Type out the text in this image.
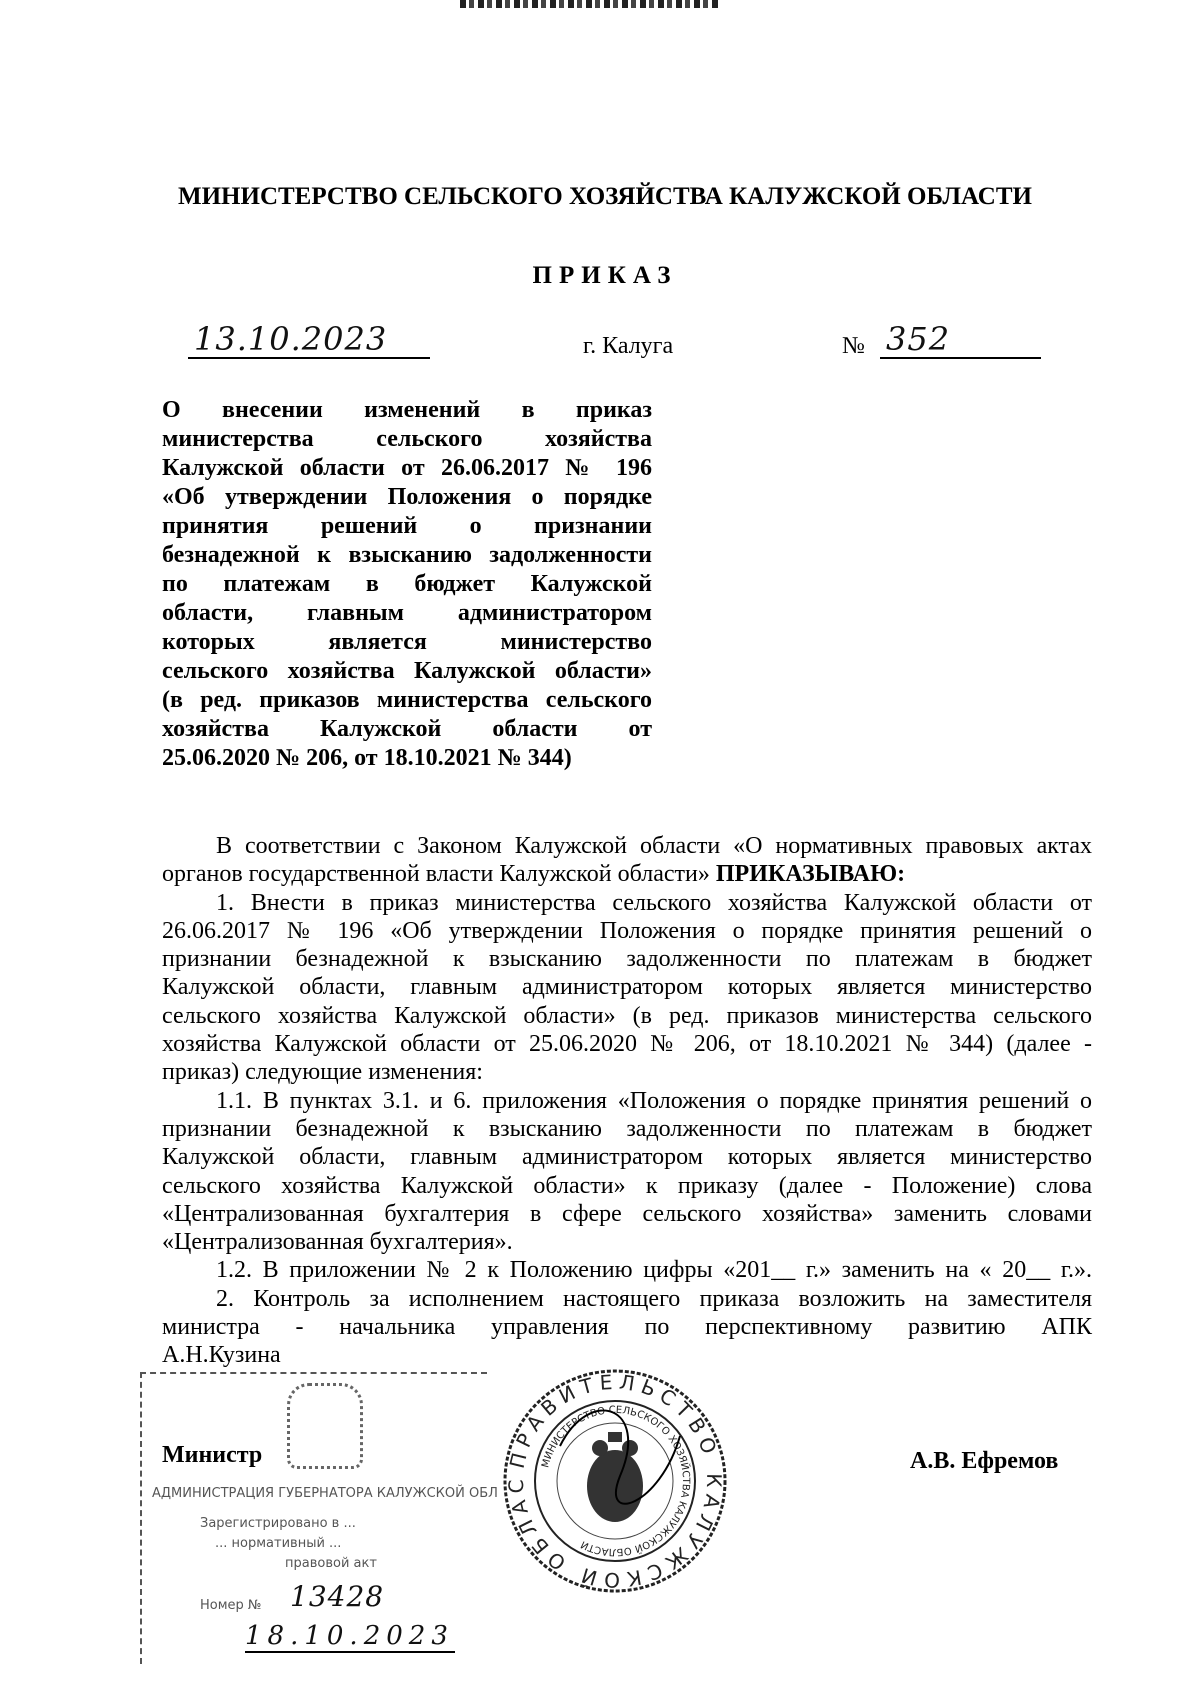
МИНИСТЕРСТВО СЕЛЬСКОГО ХОЗЯЙСТВА КАЛУЖСКОЙ ОБЛАСТИ
ПРИКАЗ
13.10.2023	г. Калуга	№ 352
О внесении изменений в приказ
министерства сельского хозяйства
Калужской области от 26.06.2017 № 196
«Об утверждении Положения о порядке
принятия решений о признании
безнадежной к взысканию задолженности
по платежам в бюджет Калужской
области, главным администратором
которых является министерство
сельского хозяйства Калужской области»
(в ред. приказов министерства сельского
хозяйства Калужской области от
25.06.2020 № 206, от 18.10.2021 № 344)
В соответствии с Законом Калужской области «О нормативных правовых актах
органов государственной власти Калужской области» ПРИКАЗЫВАЮ:
1. Внести в приказ министерства сельского хозяйства Калужской области от
26.06.2017 № 196 «Об утверждении Положения о порядке принятия решений о
признании безнадежной к взысканию задолженности по платежам в бюджет
Калужской области, главным администратором которых является министерство
сельского хозяйства Калужской области» (в ред. приказов министерства сельского
хозяйства Калужской области от 25.06.2020 № 206, от 18.10.2021 № 344) (далее -
приказ) следующие изменения:
1.1. В пунктах 3.1. и 6. приложения «Положения о порядке принятия решений о
признании безнадежной к взысканию задолженности по платежам в бюджет
Калужской области, главным администратором которых является министерство
сельского хозяйства Калужской области» к приказу (далее - Положение) слова
«Централизованная бухгалтерия в сфере сельского хозяйства» заменить словами
«Централизованная бухгалтерия».
1.2. В приложении № 2 к Положению цифры «201__ г.» заменить на « 20__ г.».
2. Контроль за исполнением настоящего приказа возложить на заместителя
министра - начальника управления по перспективному развитию АПК
А.Н.Кузина
Министр
АДМИНИСТРАЦИЯ ГУБЕРНАТОРА КАЛУЖСКОЙ ОБЛ
Зарегистрировано в ...
... нормативный ...
правовой акт
Номер № 13428
18.10.2023
ПРАВИТЕЛЬСТВО КАЛУЖСКОЙ ОБЛАС
МИНИСТЕРСТВО СЕЛЬСКОГО ХОЗЯЙСТВА КАЛУЖСКОЙ ОБЛАСТИ
А.В. Ефремов
